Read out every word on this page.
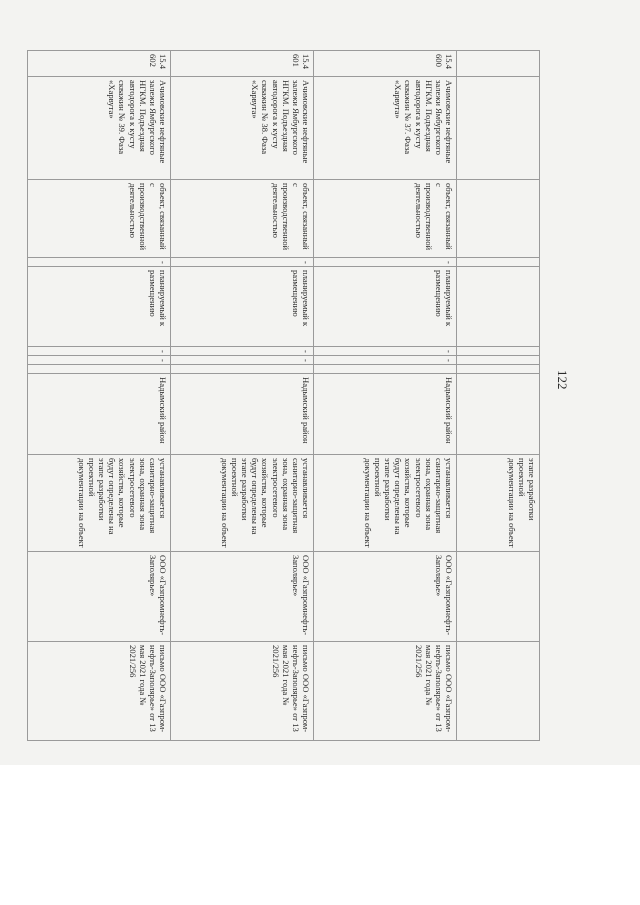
122
									этапе разработки проектной документации на объект		
15.4600	Ачимовские нефтяные залежи Ямбургского НГКМ. Подъездная автодорога к кусту скважин № 37. Фаза «Харвута»	объект, связанный с производственной деятельностью	-	планируемый к размещению	-	-		Надымский район	устанавливается санитарно-защитная зона, охранная зона электросетевого хозяйства, которые будут определены на этапе разработки проектной документации на объект	ООО «Газпромнефть-Заполярье»	письмо ООО «Газпром-нефть-Заполярье» от 13 мая 2021 года № 2021/256
15.4601	Ачимовские нефтяные залежи Ямбургского НГКМ. Подъездная автодорога к кусту скважин № 38. Фаза «Харвута»	объект, связанный с производственной деятельностью	-	планируемый к размещению	-	-		Надымский район	устанавливается санитарно-защитная зона, охранная зона электросетевого хозяйства, которые будут определены на этапе разработки проектной документации на объект	ООО «Газпромнефть-Заполярье»	письмо ООО «Газпром-нефть-Заполярье» от 13 мая 2021 года № 2021/256
15.4602	Ачимовские нефтяные залежи Ямбургского НГКМ. Подъездная автодорога к кусту скважин № 39. Фаза «Харвута»	объект, связанный с производственной деятельностью	-	планируемый к размещению	-	-		Надымский район	устанавливается санитарно-защитная зона, охранная зона электросетевого хозяйства, которые будут определены на этапе разработки проектной документации на объект	ООО «Газпромнефть-Заполярье»	письмо ООО «Газпром-нефть-Заполярье» от 13 мая 2021 года № 2021/256
